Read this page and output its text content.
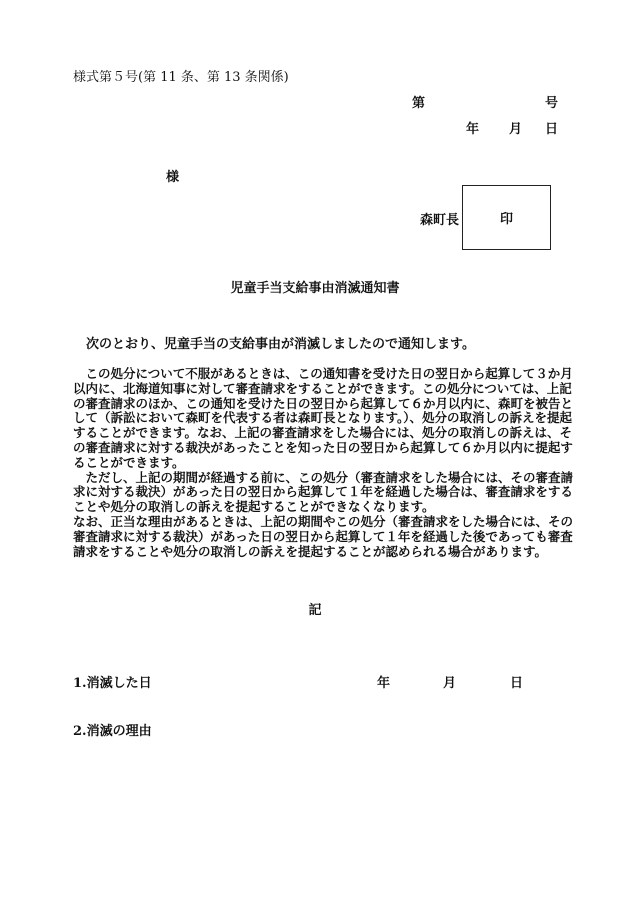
様式第５号(第 11 条、第 13 条関係)
第	号
年 月 日
様
森町長	印
児童手当支給事由消滅通知書
次のとおり、児童手当の支給事由が消滅しましたので通知します。

この処分について不服があるときは、この通知書を受けた日の翌日から起算して３か月以内に、北海道知事に対して審査請求をすることができます。この処分については、上記の審査請求のほか、この通知を受けた日の翌日から起算して６か月以内に、森町を被告として（訴訟において森町を代表する者は森町長となります。）、処分の取消しの訴えを提起することができます。なお、上記の審査請求をした場合には、処分の取消しの訴えは、その審査請求に対する裁決があったことを知った日の翌日から起算して６か月以内に提起することができます。

ただし、上記の期間が経過する前に、この処分（審査請求をした場合には、その審査請求に対する裁決）があった日の翌日から起算して１年を経過した場合は、審査請求をすることや処分の取消しの訴えを提起することができなくなります。

なお、正当な理由があるときは、上記の期間やこの処分（審査請求をした場合には、その審査請求に対する裁決）があった日の翌日から起算して１年を経過した後であっても審査請求をすることや処分の取消しの訴えを提起することが認められる場合があります。

記
1.消滅した日	年	月	日
2.消滅の理由
